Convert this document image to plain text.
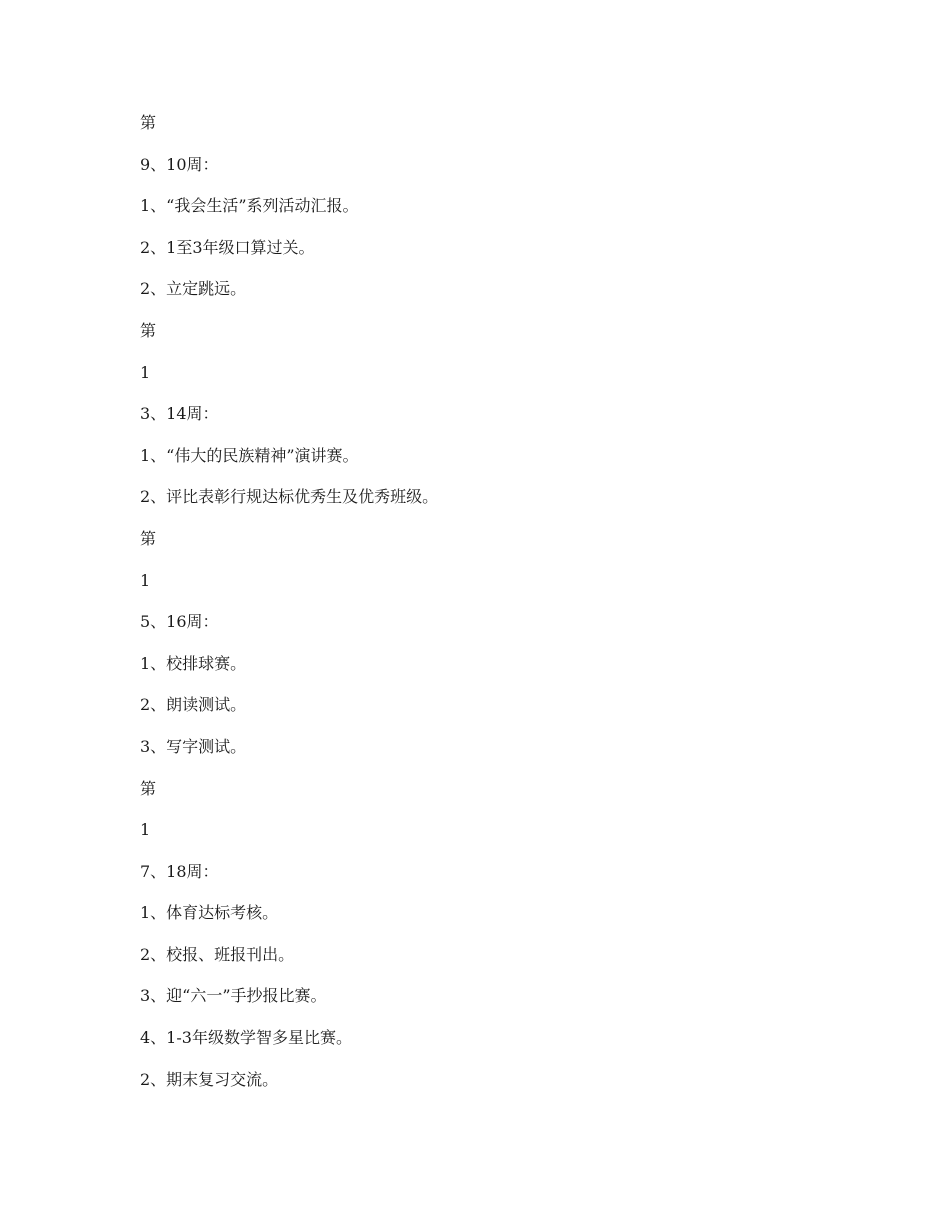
第

9、10周：

1、“我会生活”系列活动汇报。

2、1至3年级口算过关。

2、立定跳远。

第

1

3、14周：

1、“伟大的民族精神”演讲赛。

2、评比表彰行规达标优秀生及优秀班级。

第

1

5、16周：

1、校排球赛。

2、朗读测试。

3、写字测试。

第

1

7、18周：

1、体育达标考核。

2、校报、班报刊出。

3、迎“六一”手抄报比赛。

4、1-3年级数学智多星比赛。

2、期末复习交流。
